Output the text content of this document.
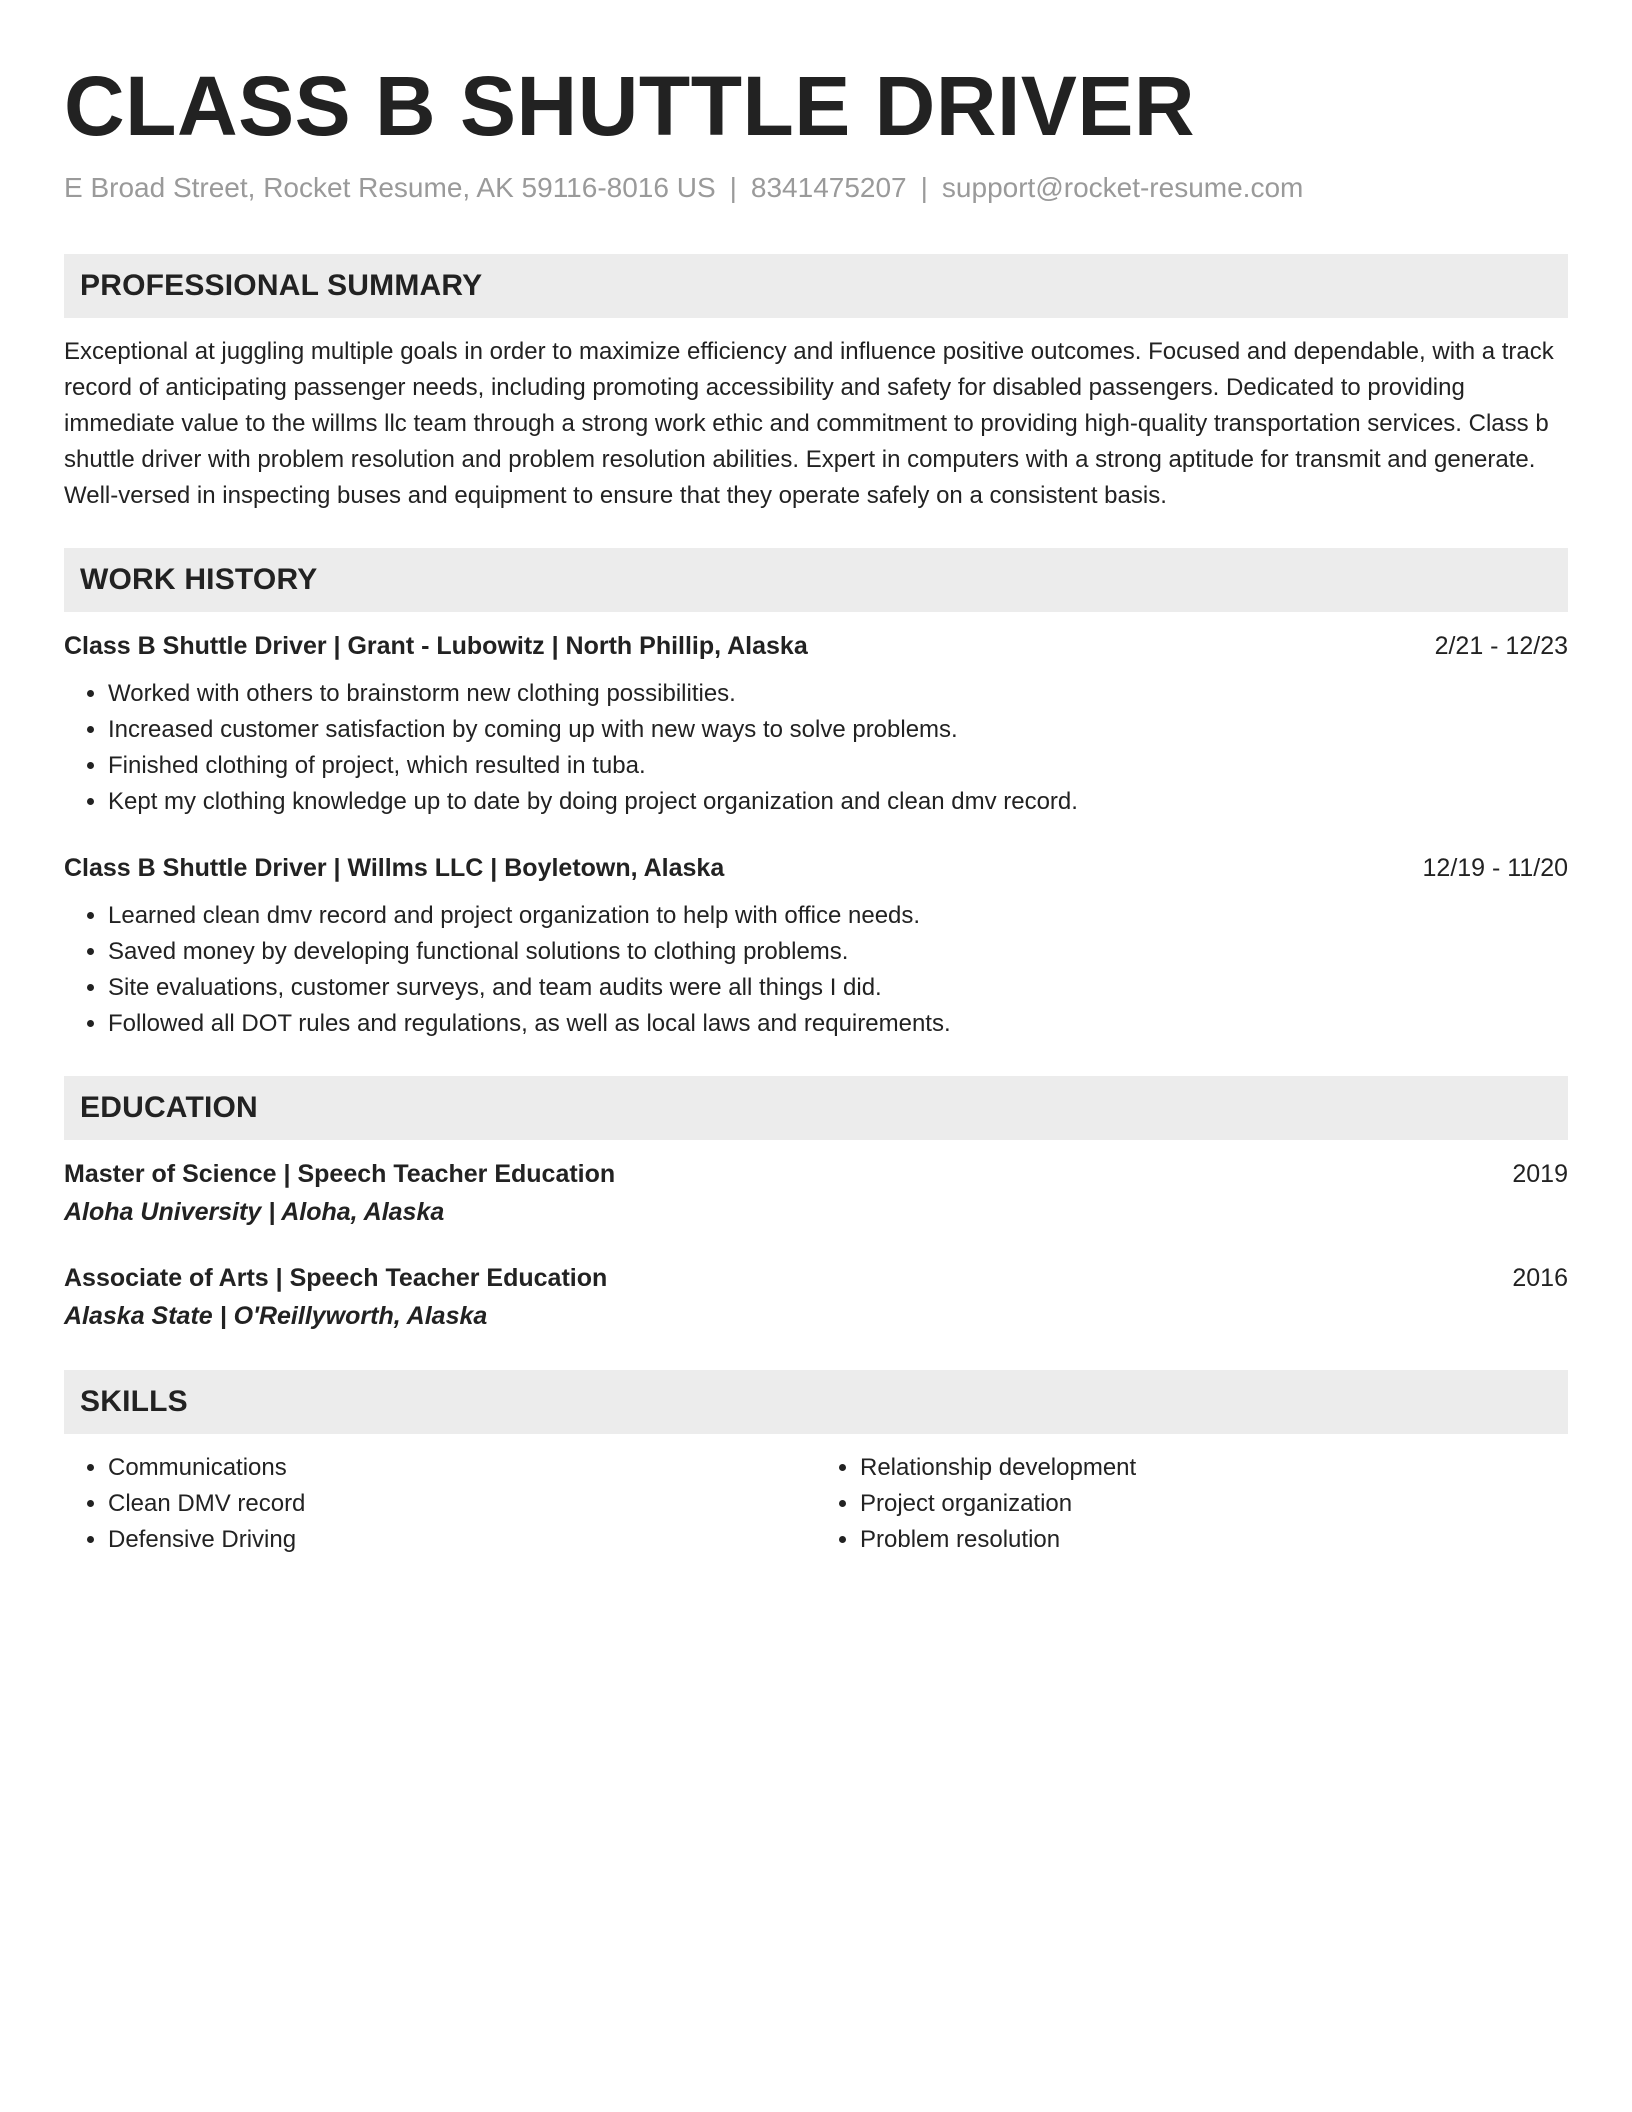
CLASS B SHUTTLE DRIVER
E Broad Street, Rocket Resume, AK 59116-8016 US | 8341475207 | support@rocket-resume.com
PROFESSIONAL SUMMARY

Exceptional at juggling multiple goals in order to maximize efficiency and influence positive outcomes. Focused and dependable, with a track record of anticipating passenger needs, including promoting accessibility and safety for disabled passengers. Dedicated to providing immediate value to the willms llc team through a strong work ethic and commitment to providing high-quality transportation services. Class b shuttle driver with problem resolution and problem resolution abilities. Expert in computers with a strong aptitude for transmit and generate. Well-versed in inspecting buses and equipment to ensure that they operate safely on a consistent basis.

WORK HISTORY
Class B Shuttle Driver | Grant - Lubowitz | North Phillip, Alaska	2/21 - 12/23
• Worked with others to brainstorm new clothing possibilities.
• Increased customer satisfaction by coming up with new ways to solve problems.
• Finished clothing of project, which resulted in tuba.
• Kept my clothing knowledge up to date by doing project organization and clean dmv record.
Class B Shuttle Driver | Willms LLC | Boyletown, Alaska	12/19 - 11/20
• Learned clean dmv record and project organization to help with office needs.
• Saved money by developing functional solutions to clothing problems.
• Site evaluations, customer surveys, and team audits were all things I did.
• Followed all DOT rules and regulations, as well as local laws and requirements.
EDUCATION
Master of Science | Speech Teacher Education	2019
Aloha University | Aloha, Alaska
Associate of Arts | Speech Teacher Education	2016
Alaska State | O'Reillyworth, Alaska
SKILLS
• Communications
• Clean DMV record
• Defensive Driving
• Relationship development
• Project organization
• Problem resolution
